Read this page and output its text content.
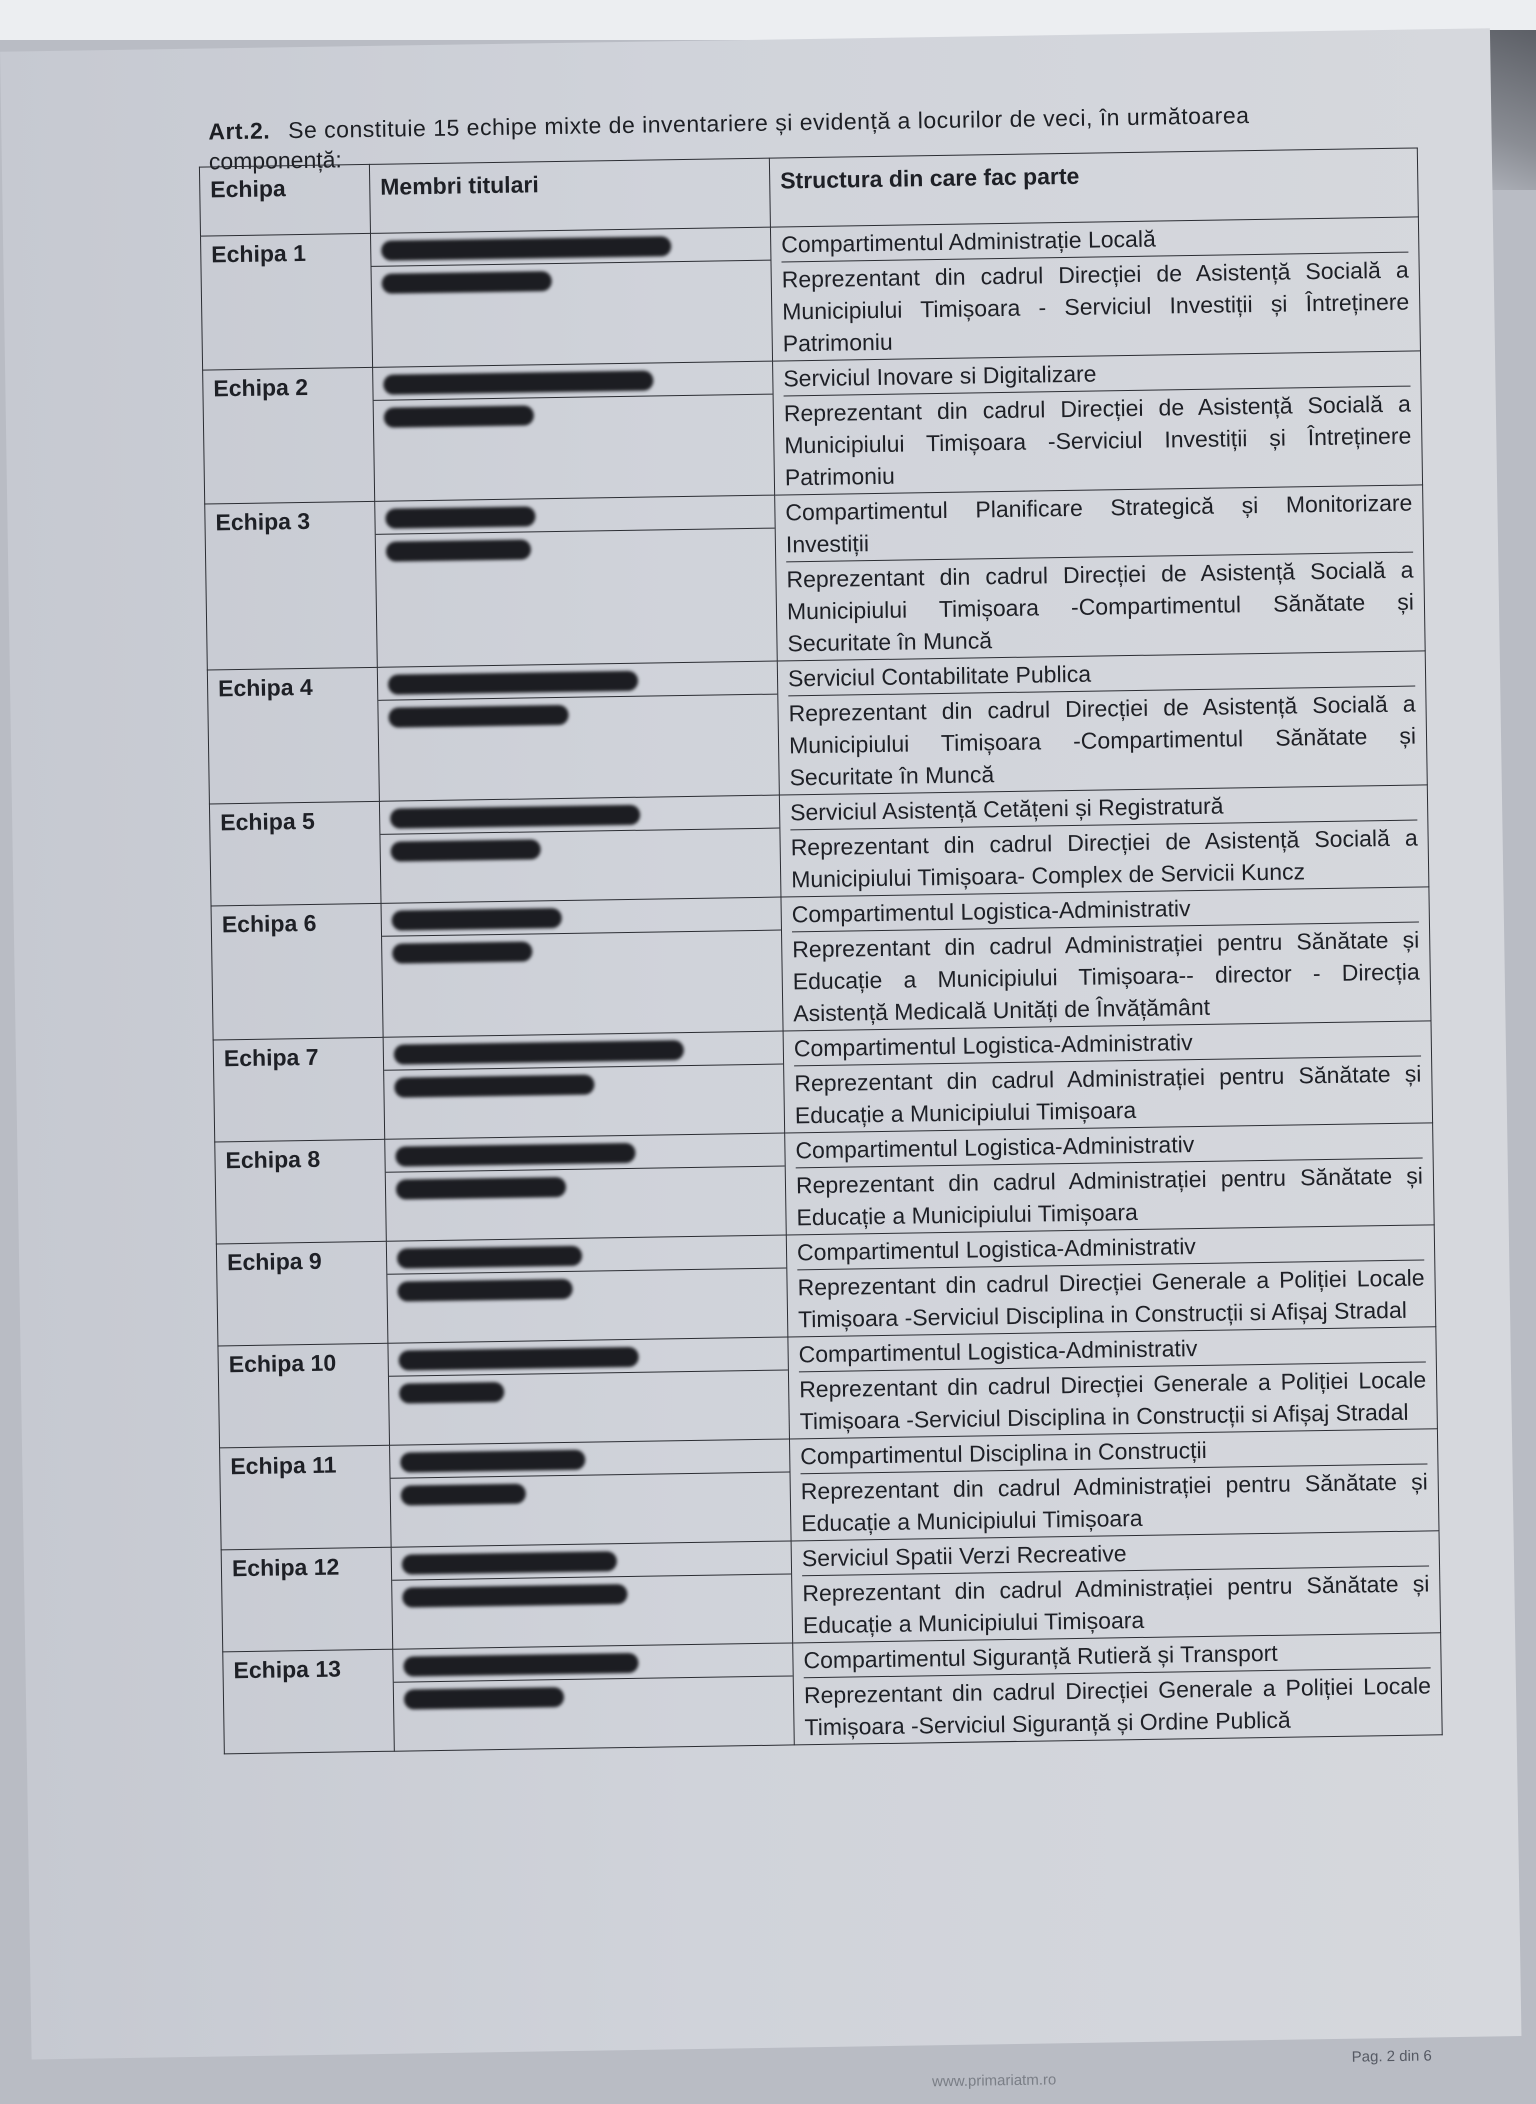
Art.2. Se constituie 15 echipe mixte de inventariere și evidență a locurilor de veci, în următoarea
componență:
Echipa	Membri titulari	Structura din care fac parte
Echipa 1		Compartimentul Administrație Locală
Reprezentant din cadrul Direcției de Asistență Socială a Municipiului Timișoara - Serviciul Investiții și Întreținere Patrimoniu

Echipa 2		Serviciul Inovare si Digitalizare
Reprezentant din cadrul Direcției de Asistență Socială a Municipiului Timișoara -Serviciul Investiții și Întreținere Patrimoniu

Echipa 3		Compartimentul Planificare Strategică și Monitorizare Investiții
Reprezentant din cadrul Direcției de Asistență Socială a Municipiului Timișoara -Compartimentul Sănătate și Securitate în Muncă

Echipa 4		Serviciul Contabilitate Publica
Reprezentant din cadrul Direcției de Asistență Socială a Municipiului Timișoara -Compartimentul Sănătate și Securitate în Muncă

Echipa 5		Serviciul Asistență Cetățeni și Registratură
Reprezentant din cadrul Direcției de Asistență Socială a Municipiului Timișoara- Complex de Servicii Kuncz

Echipa 6		Compartimentul Logistica-Administrativ
Reprezentant din cadrul Administrației pentru Sănătate și Educație a Municipiului Timișoara-- director - Direcția Asistență Medicală Unități de Învățământ

Echipa 7		Compartimentul Logistica-Administrativ
Reprezentant din cadrul Administrației pentru Sănătate și Educație a Municipiului Timișoara

Echipa 8		Compartimentul Logistica-Administrativ
Reprezentant din cadrul Administrației pentru Sănătate și Educație a Municipiului Timișoara

Echipa 9		Compartimentul Logistica-Administrativ
Reprezentant din cadrul Direcției Generale a Poliției Locale Timișoara -Serviciul Disciplina in Construcții si Afișaj Stradal

Echipa 10		Compartimentul Logistica-Administrativ
Reprezentant din cadrul Direcției Generale a Poliției Locale Timișoara -Serviciul Disciplina in Construcții si Afișaj Stradal

Echipa 11		Compartimentul Disciplina in Construcții
Reprezentant din cadrul Administrației pentru Sănătate și Educație a Municipiului Timișoara

Echipa 12		Serviciul Spatii Verzi Recreative
Reprezentant din cadrul Administrației pentru Sănătate și Educație a Municipiului Timișoara

Echipa 13		Compartimentul Siguranță Rutieră și Transport
Reprezentant din cadrul Direcției Generale a Poliției Locale Timișoara -Serviciul Siguranță și Ordine Publică
Pag. 2 din 6
www.primariatm.ro
